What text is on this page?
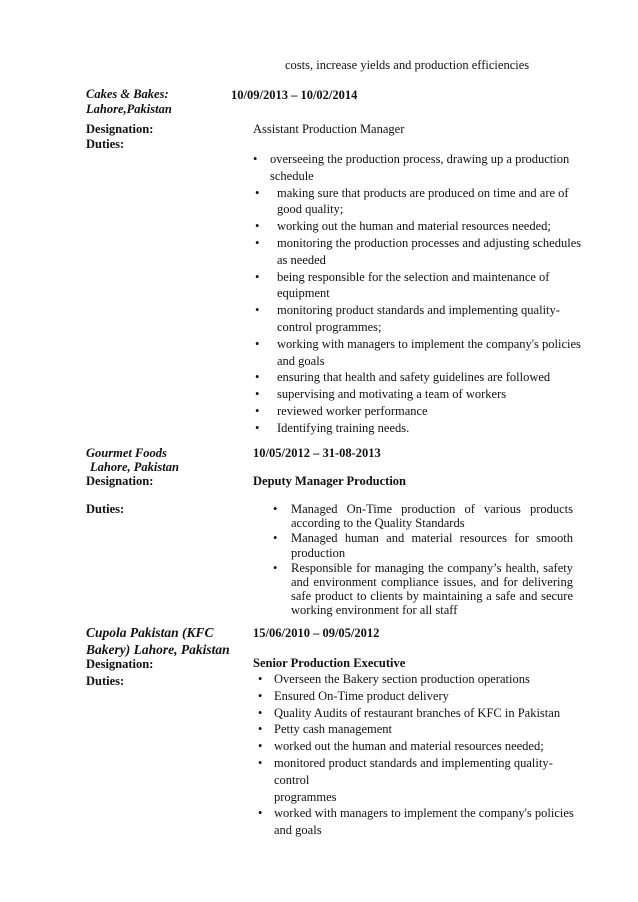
costs, increase yields and production efficiencies
Cakes & Bakes:
Lahore,Pakistan
10/09/2013 – 10/02/2014
Designation:
Duties:
Assistant Production Manager
• overseeing the production process, drawing up a production
schedule
• making sure that products are produced on time and are of
good quality;
• working out the human and material resources needed;
• monitoring the production processes and adjusting schedules
as needed
• being responsible for the selection and maintenance of
equipment
• monitoring product standards and implementing quality-
control programmes;
• working with managers to implement the company's policies
and goals
• ensuring that health and safety guidelines are followed
• supervising and motivating a team of workers
• reviewed worker performance
• Identifying training needs.
Gourmet Foods
Lahore, Pakistan
10/05/2012 – 31-08-2013
Designation:	Deputy Manager Production
Duties:
•	Managed On-Time production of various products according to the Quality Standards
• Managed human and material resources for smooth production
• Responsible for managing the company’s health, safety and environment compliance issues, and for delivering safe product to clients by maintaining a safe and secure working environment for all staff
Cupola Pakistan (KFC
Bakery) Lahore, Pakistan
15/06/2010 – 09/05/2012
Designation:
Duties:
Senior Production Executive
• Overseen the Bakery section production operations
• Ensured On-Time product delivery
• Quality Audits of restaurant branches of KFC in Pakistan
• Petty cash management
• worked out the human and material resources needed;
• monitored product standards and implementing quality-control
programmes
• worked with managers to implement the company's policies
and goals
